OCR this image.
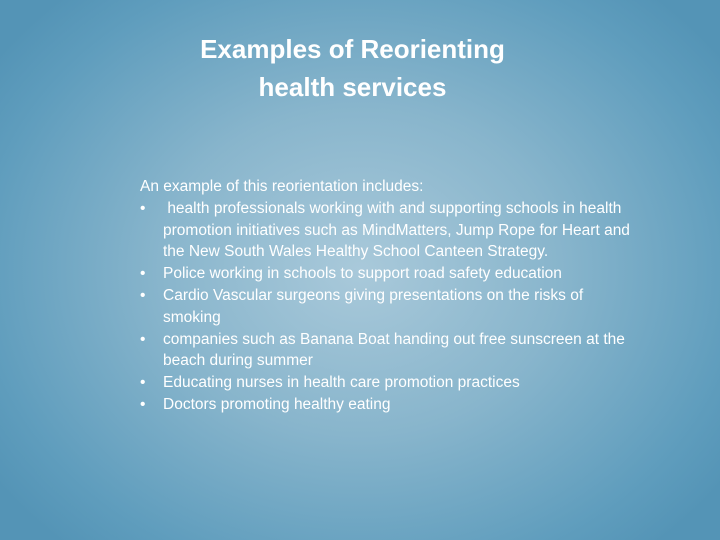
Examples of Reorienting
health services

An example of this reorientation includes:

•	health professionals working with and supporting schools in health promotion initiatives such as MindMatters, Jump Rope for Heart and the New South Wales Healthy School Canteen Strategy.
•	Police working in schools to support road safety education
•	Cardio Vascular surgeons giving presentations on the risks of smoking
•	companies such as Banana Boat handing out free sunscreen at the beach during summer
•	Educating nurses in health care promotion practices
•	Doctors promoting healthy eating
